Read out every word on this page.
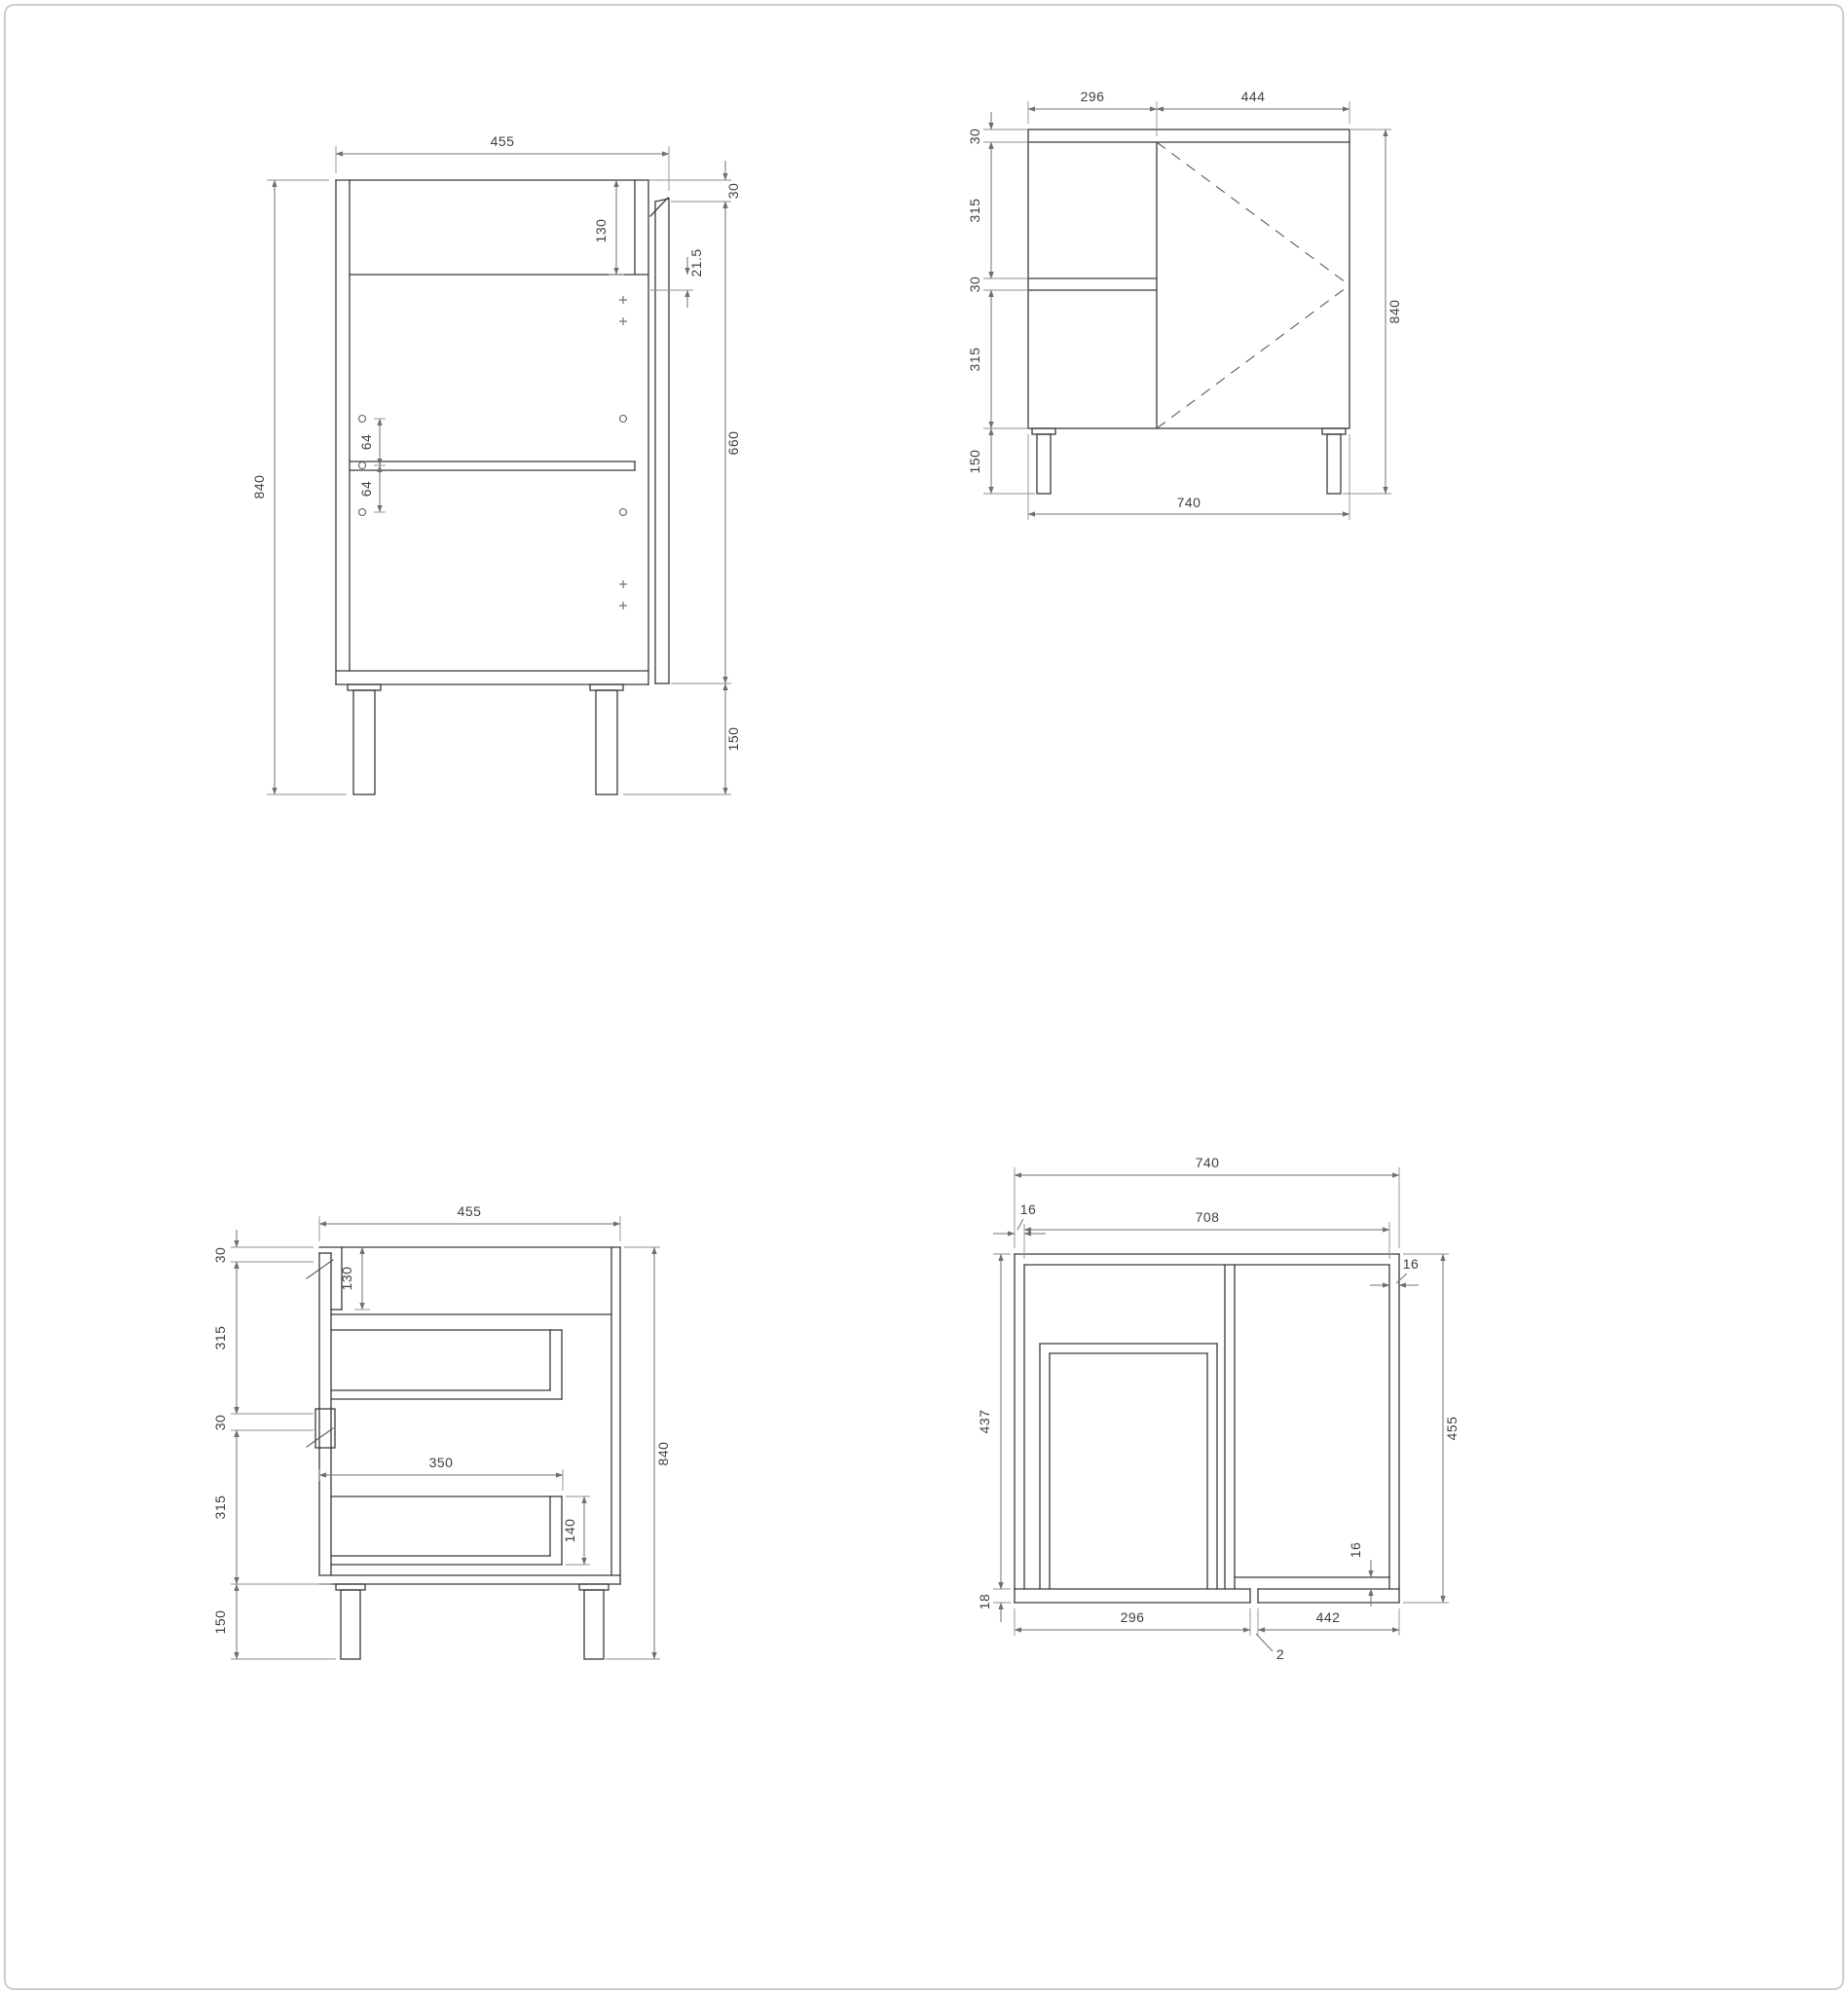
455
840
130
30
660
150
21.5
64
64
296	444
30
315
30
315
150
840
740
455
30
315
30
315
150
130
350
140
840
740
16	708
16
437
18
455
296	442
2
16
